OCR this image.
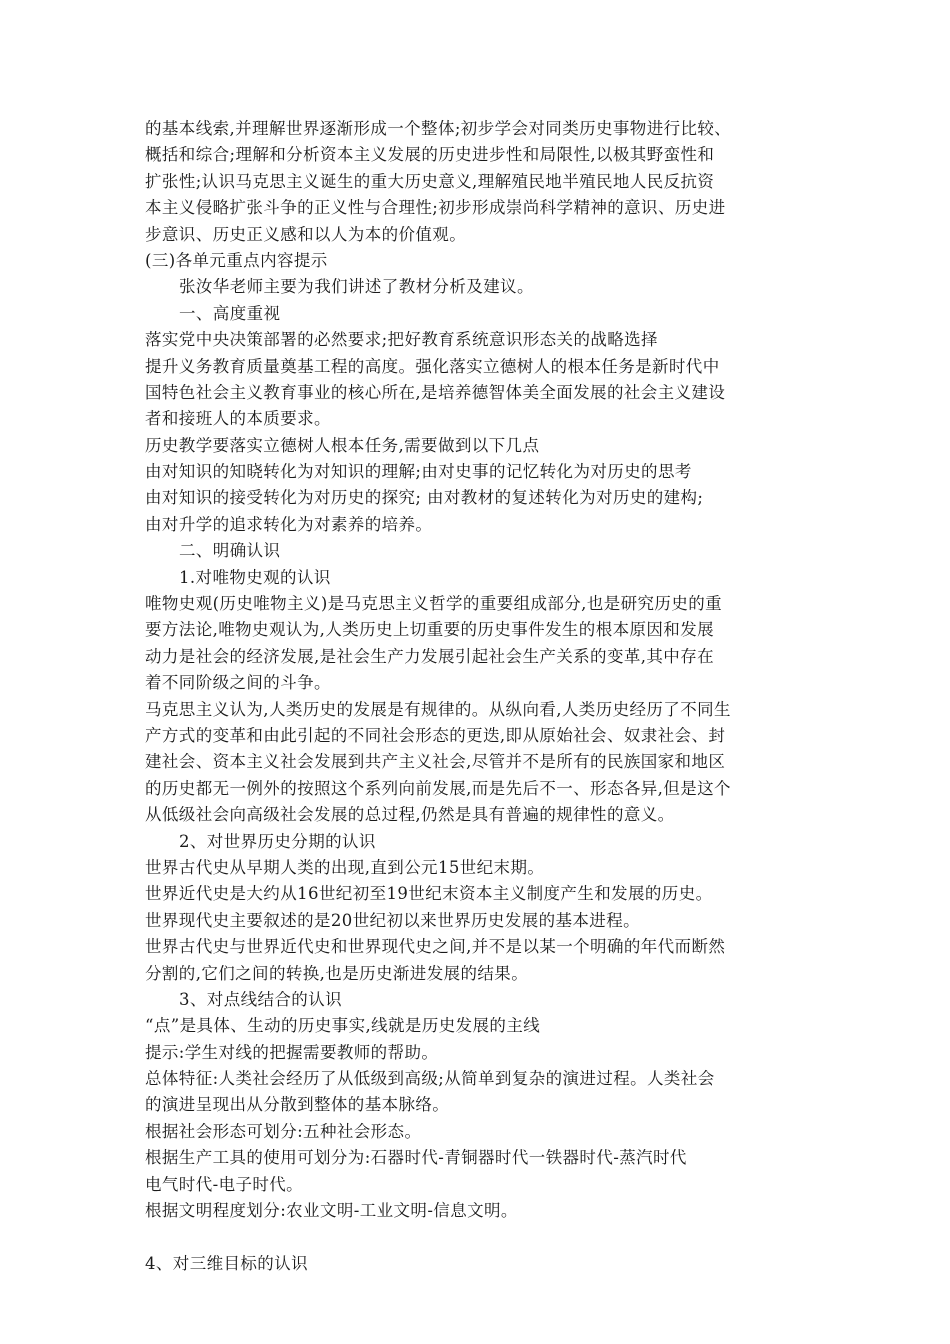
的基本线索,并理解世界逐渐形成一个整体;初步学会对同类历史事物进行比较、
概括和综合;理解和分析资本主义发展的历史进步性和局限性,以极其野蛮性和
扩张性;认识马克思主义诞生的重大历史意义,理解殖民地半殖民地人民反抗资
本主义侵略扩张斗争的正义性与合理性;初步形成崇尚科学精神的意识、历史进
步意识、历史正义感和以人为本的价值观。
(三)各单元重点内容提示
张汝华老师主要为我们讲述了教材分析及建议。
一、高度重视
落实党中央决策部署的必然要求;把好教育系统意识形态关的战略选择
提升义务教育质量奠基工程的高度。强化落实立德树人的根本任务是新时代中
国特色社会主义教育事业的核心所在,是培养德智体美全面发展的社会主义建设
者和接班人的本质要求。
历史教学要落实立德树人根本任务,需要做到以下几点
由对知识的知晓转化为对知识的理解;由对史事的记忆转化为对历史的思考
由对知识的接受转化为对历史的探究; 由对教材的复述转化为对历史的建构;
由对升学的追求转化为对素养的培养。
二、明确认识
1.对唯物史观的认识
唯物史观(历史唯物主义)是马克思主义哲学的重要组成部分,也是研究历史的重
要方法论,唯物史观认为,人类历史上切重要的历史事件发生的根本原因和发展
动力是社会的经济发展,是社会生产力发展引起社会生产关系的变革,其中存在
着不同阶级之间的斗争。
马克思主义认为,人类历史的发展是有规律的。从纵向看,人类历史经历了不同生
产方式的变革和由此引起的不同社会形态的更迭,即从原始社会、奴隶社会、封
建社会、资本主义社会发展到共产主义社会,尽管并不是所有的民族国家和地区
的历史都无一例外的按照这个系列向前发展,而是先后不一、形态各异,但是这个
从低级社会向高级社会发展的总过程,仍然是具有普遍的规律性的意义。
2、对世界历史分期的认识
世界古代史从早期人类的出现,直到公元15世纪末期。
世界近代史是大约从16世纪初至19世纪末资本主义制度产生和发展的历史。
世界现代史主要叙述的是20世纪初以来世界历史发展的基本进程。
世界古代史与世界近代史和世界现代史之间,并不是以某一个明确的年代而断然
分割的,它们之间的转换,也是历史渐进发展的结果。
3、对点线结合的认识
“点”是具体、生动的历史事实,线就是历史发展的主线
提示:学生对线的把握需要教师的帮助。
总体特征:人类社会经历了从低级到高级;从简单到复杂的演进过程。人类社会
的演进呈现出从分散到整体的基本脉络。
根据社会形态可划分:五种社会形态。
根据生产工具的使用可划分为:石器时代-青铜器时代一铁器时代-蒸汽时代
电气时代-电子时代。
根据文明程度划分:农业文明-工业文明-信息文明。
4、对三维目标的认识
